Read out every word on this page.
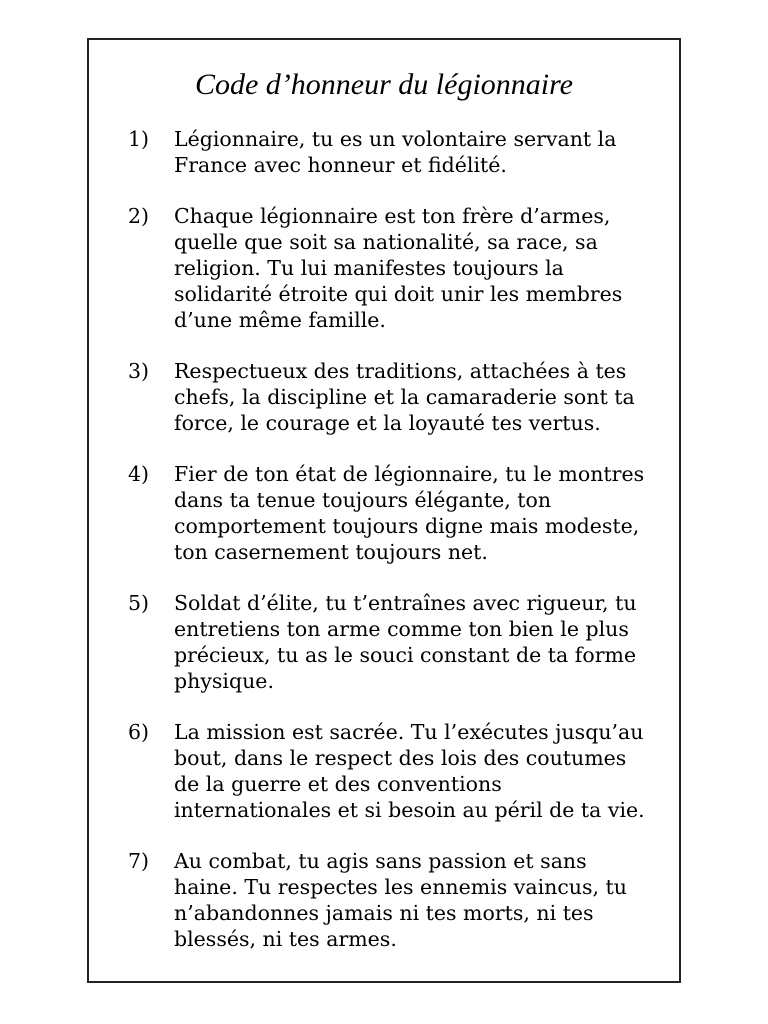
Code d’honneur du légionnaire
1) Légionnaire, tu es un volontaire servant la France avec honneur et fidélité.
2) Chaque légionnaire est ton frère d’armes, quelle que soit sa nationalité, sa race, sa religion. Tu lui manifestes toujours la solidarité étroite qui doit unir les membres d’une même famille.
3) Respectueux des traditions, attachées à tes chefs, la discipline et la camaraderie sont ta force, le courage et la loyauté tes vertus.
4) Fier de ton état de légionnaire, tu le montres dans ta tenue toujours élégante, ton comportement toujours digne mais modeste, ton casernement toujours net.
5) Soldat d’élite, tu t’entraînes avec rigueur, tu entretiens ton arme comme ton bien le plus précieux, tu as le souci constant de ta forme physique.
6) La mission est sacrée. Tu l’exécutes jusqu’au bout, dans le respect des lois des coutumes de la guerre et des conventions internationales et si besoin au péril de ta vie.
7) Au combat, tu agis sans passion et sans haine. Tu respectes les ennemis vaincus, tu n’abandonnes jamais ni tes morts, ni tes blessés, ni tes armes.
